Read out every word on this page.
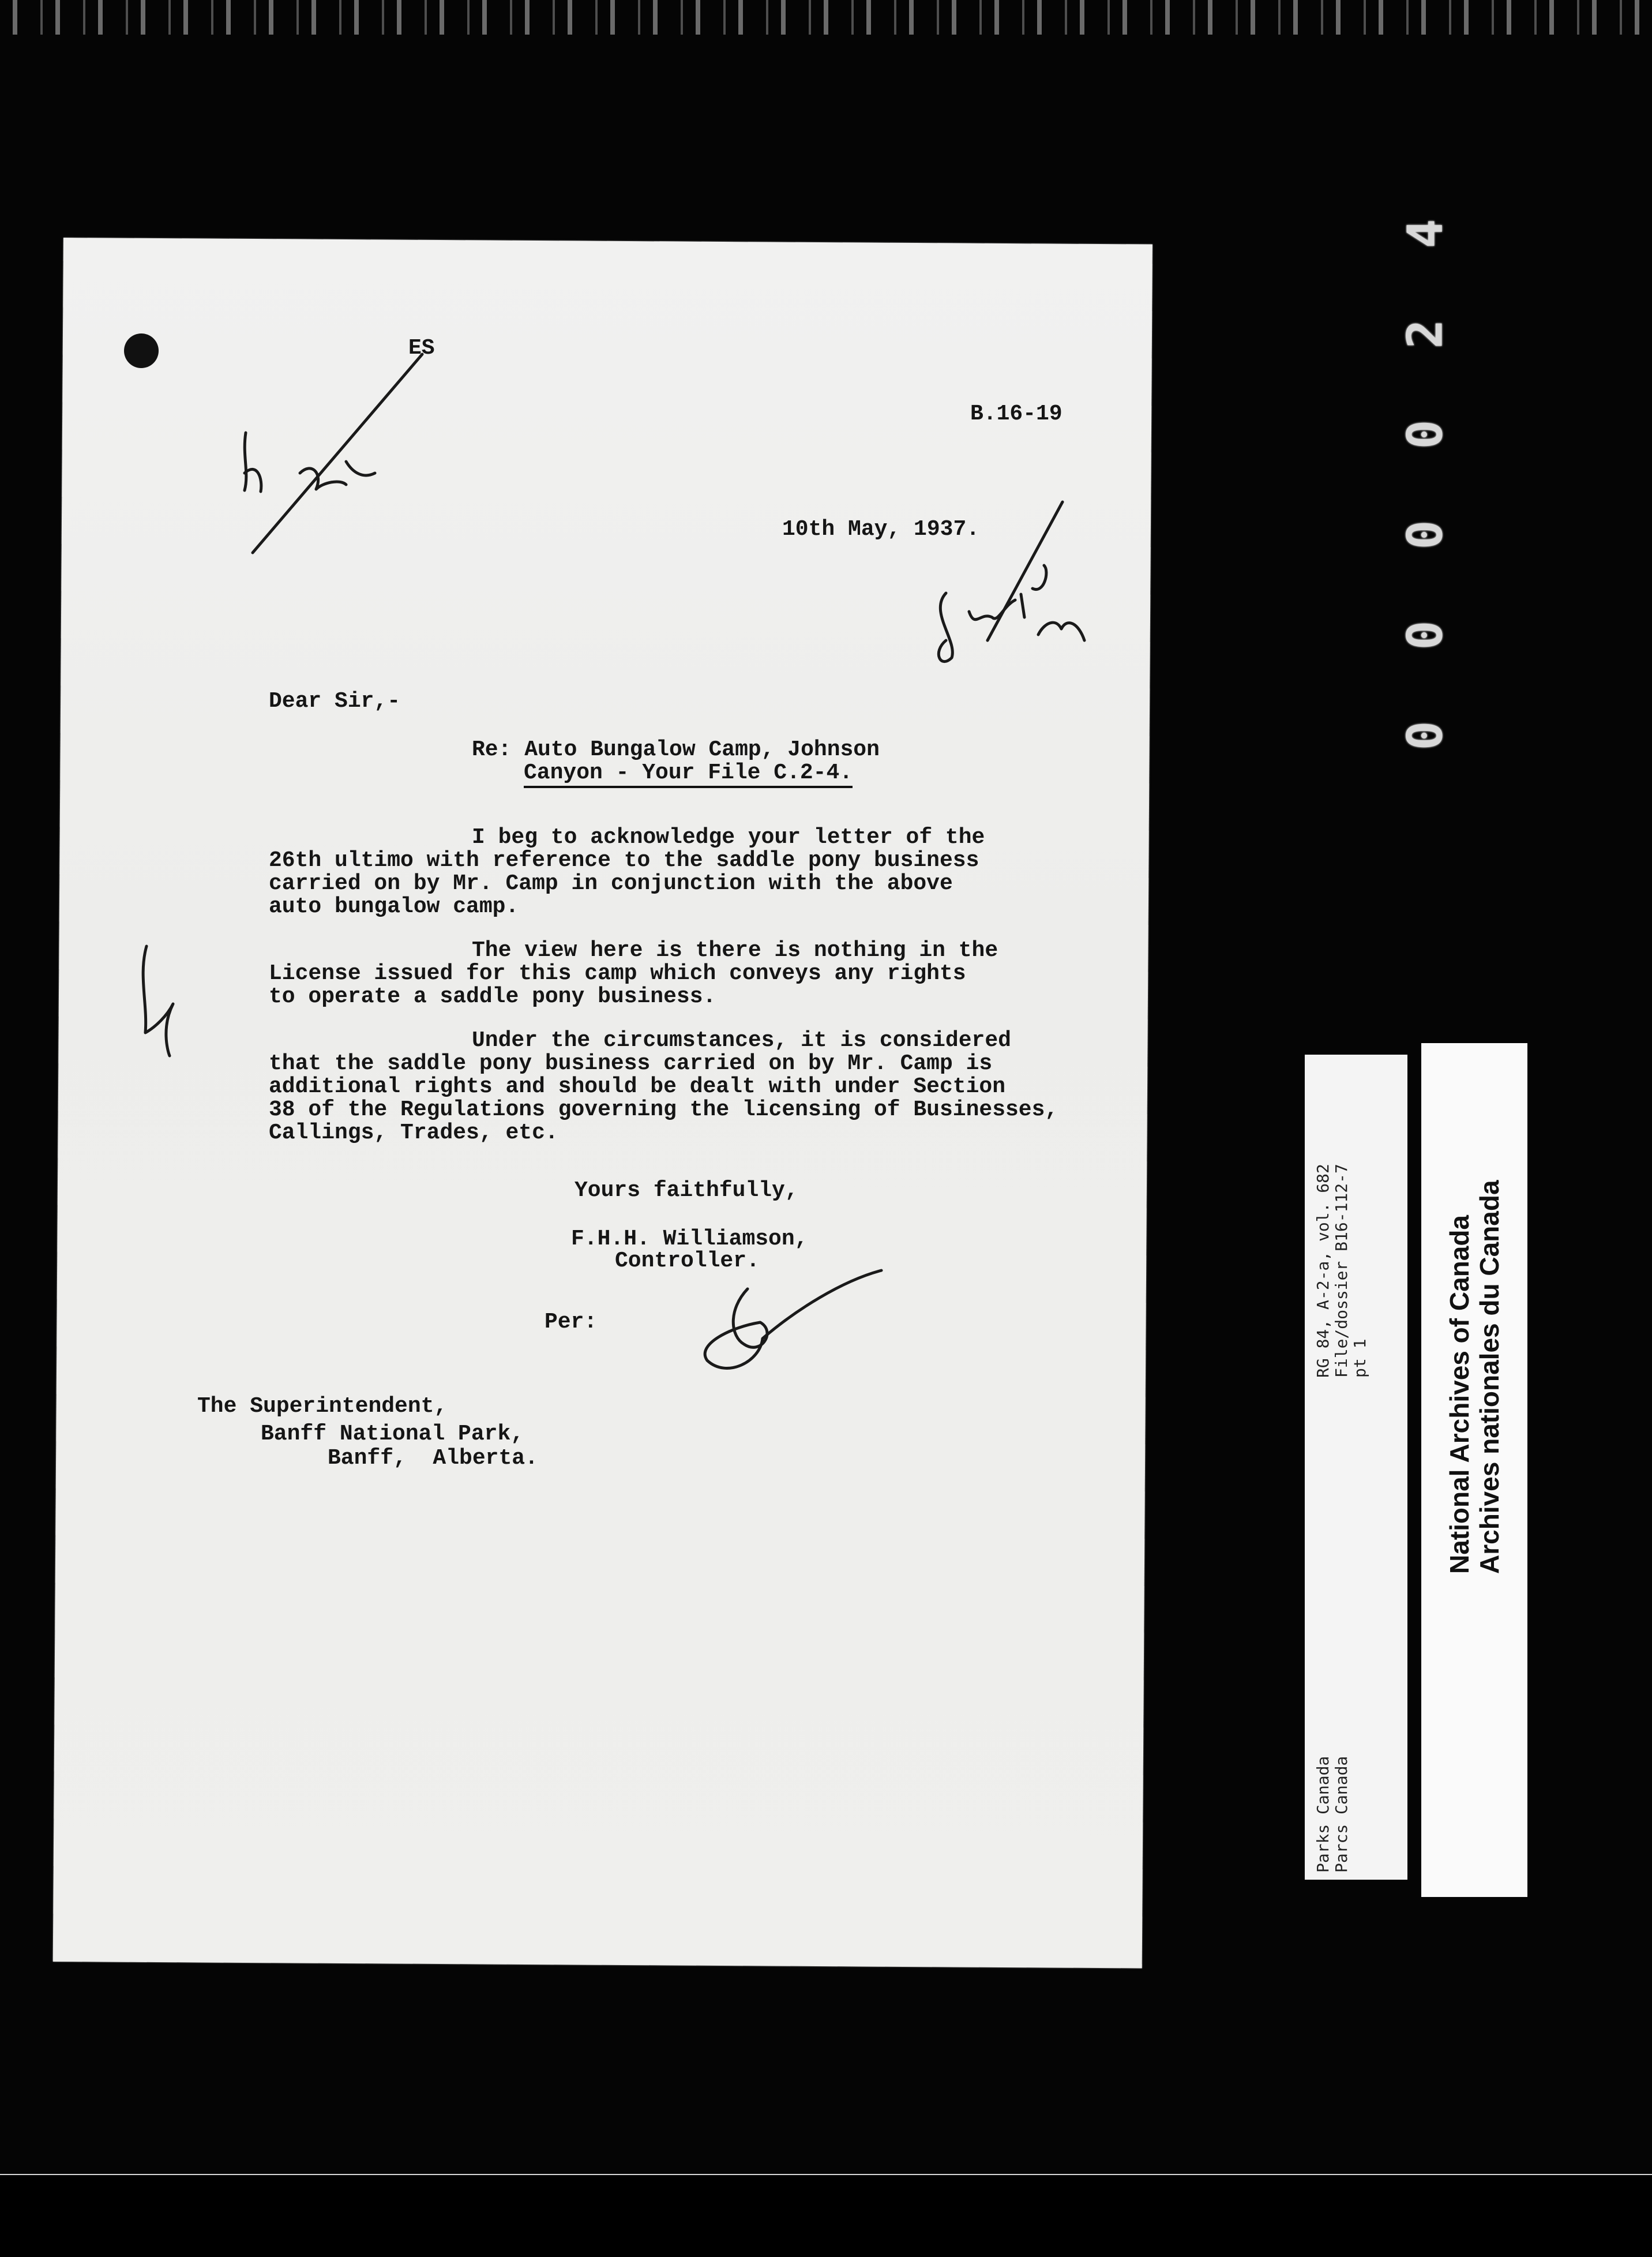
ES
B.16-19
10th May, 1937.
Dear Sir,-
Re: Auto Bungalow Camp, Johnson
Canyon - Your File C.2-4.
I beg to acknowledge your letter of the
26th ultimo with reference to the saddle pony business
carried on by Mr. Camp in conjunction with the above
auto bungalow camp.
The view here is there is nothing in the
License issued for this camp which conveys any rights
to operate a saddle pony business.
Under the circumstances, it is considered
that the saddle pony business carried on by Mr. Camp is
additional rights and should be dealt with under Section
38 of the Regulations governing the licensing of Businesses,
Callings, Trades, etc.
Yours faithfully,
F.H.H. Williamson,
Controller.
Per:
The Superintendent,
Banff National Park,
Banff,  Alberta.
4
2
0
0
0
0
RG 84, A-2-a, vol. 682 File/dossier B16-112-7 pt 1
Parks Canada Parcs Canada
National Archives of Canada Archives nationales du Canada
